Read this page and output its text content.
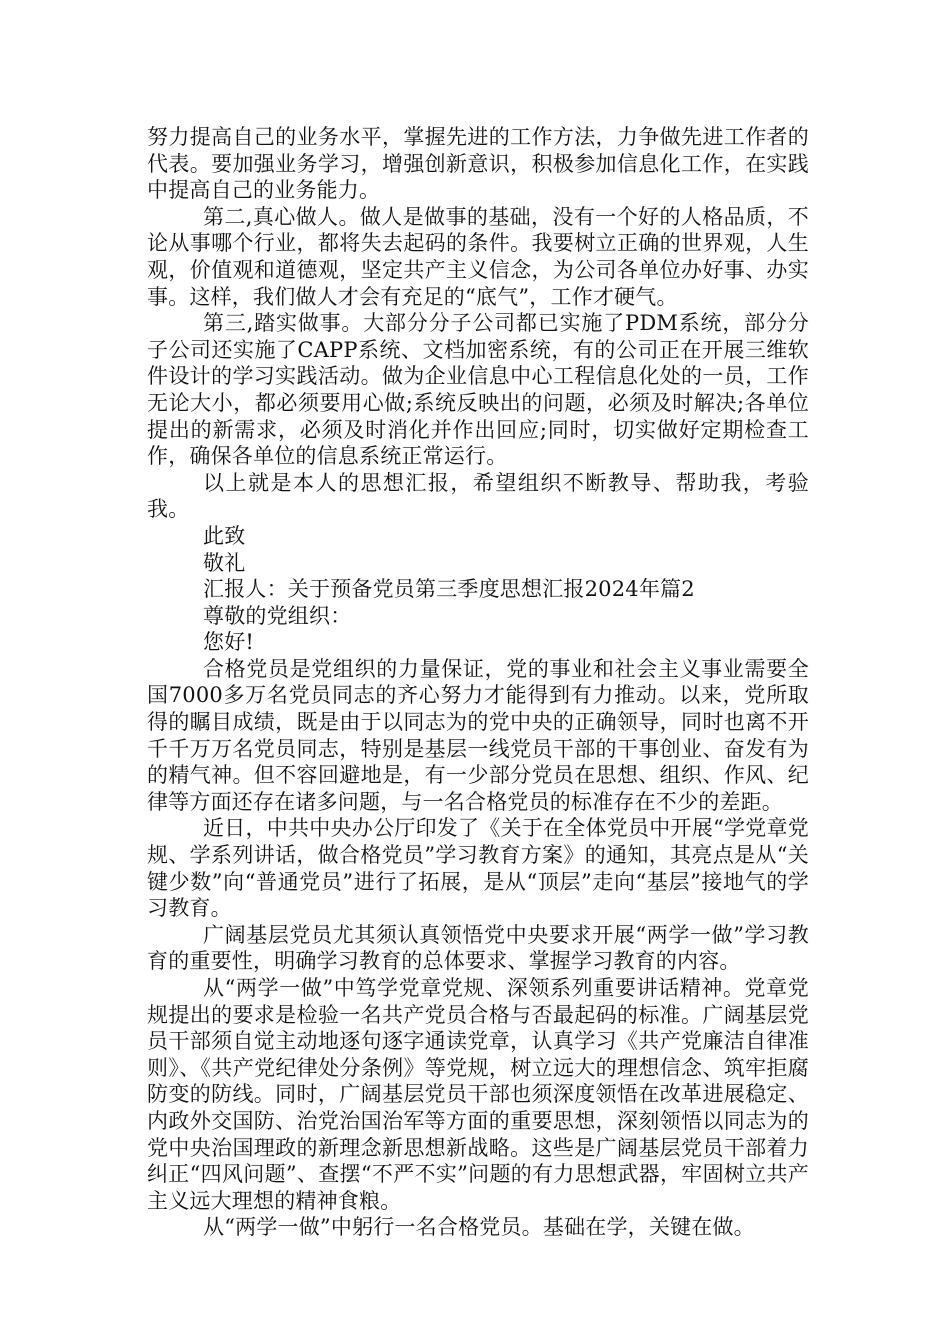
努力提高自己的业务水平，掌握先进的工作方法，力争做先进工作者的代表。要加强业务学习，增强创新意识，积极参加信息化工作，在实践中提高自己的业务能力。

第二,真心做人。做人是做事的基础，没有一个好的人格品质，不论从事哪个行业，都将失去起码的条件。我要树立正确的世界观，人生观，价值观和道德观，坚定共产主义信念，为公司各单位办好事、办实事。这样，我们做人才会有充足的“底气”，工作才硬气。

第三,踏实做事。大部分分子公司都已实施了PDM系统，部分分子公司还实施了CAPP系统、文档加密系统，有的公司正在开展三维软件设计的学习实践活动。做为企业信息中心工程信息化处的一员，工作无论大小，都必须要用心做;系统反映出的问题，必须及时解决;各单位提出的新需求，必须及时消化并作出回应;同时，切实做好定期检查工作，确保各单位的信息系统正常运行。

以上就是本人的思想汇报，希望组织不断教导、帮助我，考验我。

此致

敬礼

汇报人：关于预备党员第三季度思想汇报2024年篇2

尊敬的党组织：

您好!

合格党员是党组织的力量保证，党的事业和社会主义事业需要全国7000多万名党员同志的齐心努力才能得到有力推动。以来，党所取得的瞩目成绩，既是由于以同志为的党中央的正确领导，同时也离不开千千万万名党员同志，特别是基层一线党员干部的干事创业、奋发有为的精气神。但不容回避地是，有一少部分党员在思想、组织、作风、纪律等方面还存在诸多问题，与一名合格党员的标准存在不少的差距。

近日，中共中央办公厅印发了《关于在全体党员中开展“学党章党规、学系列讲话，做合格党员”学习教育方案》的通知，其亮点是从“关键少数”向“普通党员”进行了拓展，是从“顶层”走向“基层”接地气的学习教育。

广阔基层党员尤其须认真领悟党中央要求开展“两学一做”学习教育的重要性，明确学习教育的总体要求、掌握学习教育的内容。

从“两学一做”中笃学党章党规、深领系列重要讲话精神。党章党规提出的要求是检验一名共产党员合格与否最起码的标准。广阔基层党员干部须自觉主动地逐句逐字通读党章，认真学习《共产党廉洁自律准则》、《共产党纪律处分条例》等党规，树立远大的理想信念、筑牢拒腐防变的防线。同时，广阔基层党员干部也须深度领悟在改革进展稳定、内政外交国防、治党治国治军等方面的重要思想，深刻领悟以同志为的党中央治国理政的新理念新思想新战略。这些是广阔基层党员干部着力纠正“四风问题”、查摆“不严不实”问题的有力思想武器，牢固树立共产主义远大理想的精神食粮。

从“两学一做”中躬行一名合格党员。基础在学，关键在做。
